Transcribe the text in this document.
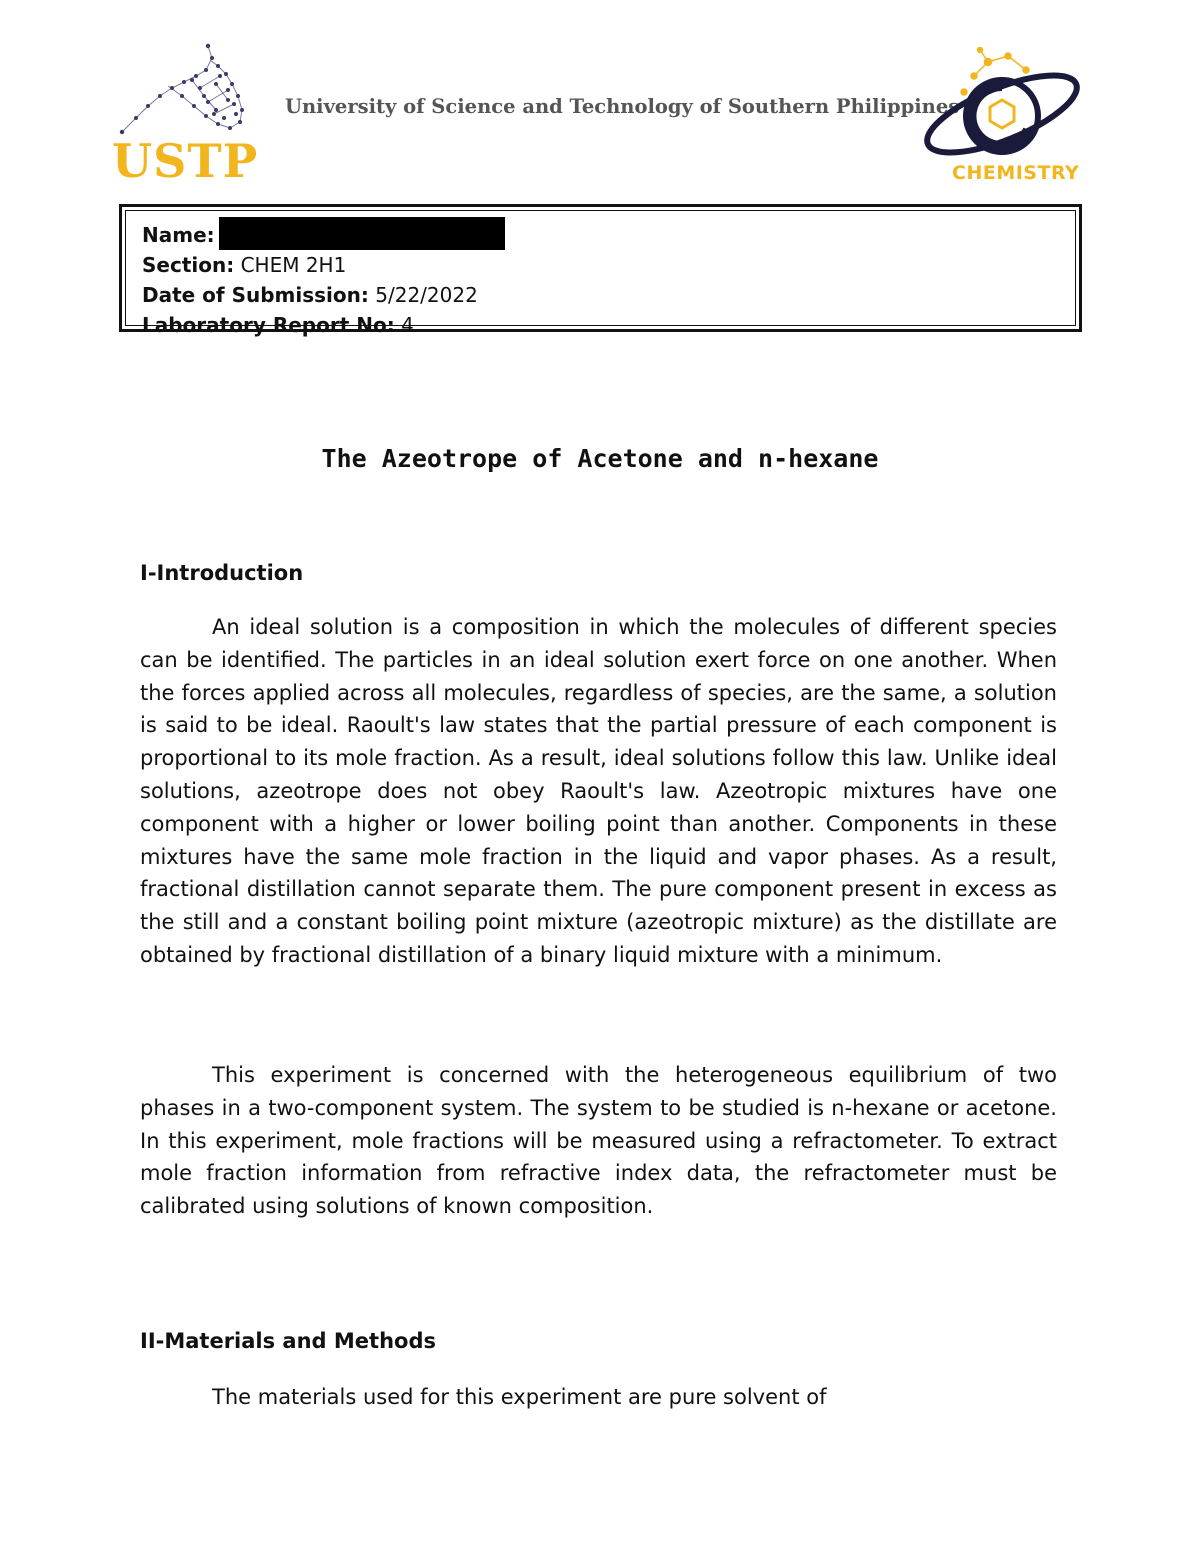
USTP
University of Science and Technology of Southern Philippines
CHEMISTRY
Name:
Section: CHEM 2H1
Date of Submission: 5/22/2022
Laboratory Report No: 4
The Azeotrope of Acetone and n-hexane
I-Introduction

An ideal solution is a composition in which the molecules of different species can be identified. The particles in an ideal solution exert force on one another. When the forces applied across all molecules, regardless of species, are the same, a solution is said to be ideal. Raoult's law states that the partial pressure of each component is proportional to its mole fraction. As a result, ideal solutions follow this law. Unlike ideal solutions, azeotrope does not obey Raoult's law. Azeotropic mixtures have one component with a higher or lower boiling point than another. Components in these mixtures have the same mole fraction in the liquid and vapor phases. As a result, fractional distillation cannot separate them. The pure component present in excess as the still and a constant boiling point mixture (azeotropic mixture) as the distillate are obtained by fractional distillation of a binary liquid mixture with a minimum.

This experiment is concerned with the heterogeneous equilibrium of two phases in a two-component system. The system to be studied is n-hexane or acetone. In this experiment, mole fractions will be measured using a refractometer. To extract mole fraction information from refractive index data, the refractometer must be calibrated using solutions of known composition.

II-Materials and Methods

The materials used for this experiment are pure solvent of
